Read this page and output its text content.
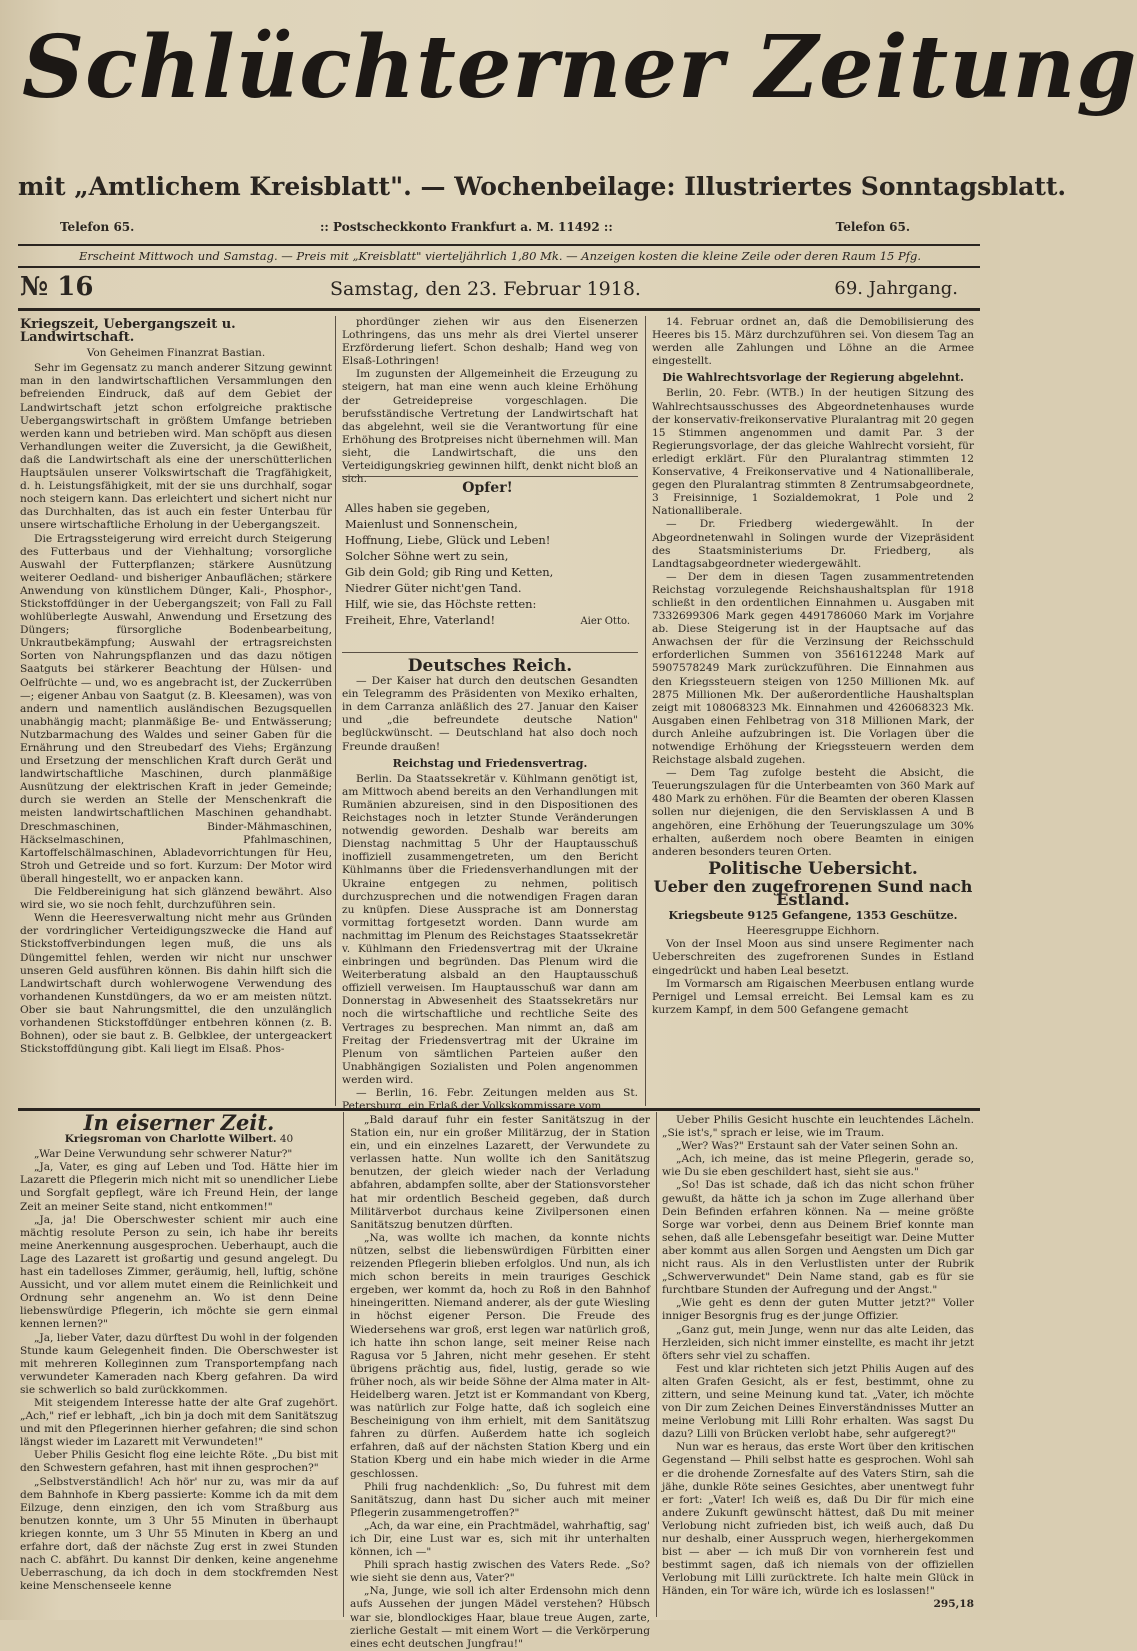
Schlüchterner Zeitung
mit „Amtlichem Kreisblatt". — Wochenbeilage: Illustriertes Sonntagsblatt.
Telefon 65.	:: Postscheckkonto Frankfurt a. M. 11492 ::	Telefon 65.
Erscheint Mittwoch und Samstag. — Preis mit „Kreisblatt" vierteljährlich 1,80 Mk. — Anzeigen kosten die kleine Zeile oder deren Raum 15 Pfg.
№ 16	Samstag, den 23. Februar 1918.	69. Jahrgang.
Kriegszeit, Uebergangszeit u. Landwirtschaft.
Von Geheimen Finanzrat Bastian.

Sehr im Gegensatz zu manch anderer Sitzung gewinnt man in den landwirtschaftlichen Versammlungen den befreienden Eindruck, daß auf dem Gebiet der Landwirtschaft jetzt schon erfolgreiche praktische Uebergangswirtschaft in größtem Umfange betrieben werden kann und betrieben wird. Man schöpft aus diesen Verhandlungen weiter die Zuversicht, ja die Gewißheit, daß die Landwirtschaft als eine der unerschütterlichen Hauptsäulen unserer Volkswirtschaft die Tragfähigkeit, d. h. Leistungsfähigkeit, mit der sie uns durchhalf, sogar noch steigern kann. Das erleichtert und sichert nicht nur das Durchhalten, das ist auch ein fester Unterbau für unsere wirtschaftliche Erholung in der Uebergangszeit.

Die Ertragssteigerung wird erreicht durch Steigerung des Futterbaus und der Viehhaltung; vorsorgliche Auswahl der Futterpflanzen; stärkere Ausnützung weiterer Oedland- und bisheriger Anbauflächen; stärkere Anwendung von künstlichem Dünger, Kali-, Phosphor-, Stickstoffdünger in der Uebergangszeit; von Fall zu Fall wohlüberlegte Auswahl, Anwendung und Ersetzung des Düngers; fürsorgliche Bodenbearbeitung, Unkrautbekämpfung; Auswahl der ertragsreichsten Sorten von Nahrungspflanzen und das dazu nötigen Saatguts bei stärkerer Beachtung der Hülsen- und Oelfrüchte — und, wo es angebracht ist, der Zuckerrüben —; eigener Anbau von Saatgut (z. B. Kleesamen), was von andern und namentlich ausländischen Bezugsquellen unabhängig macht; planmäßige Be- und Entwässerung; Nutzbarmachung des Waldes und seiner Gaben für die Ernährung und den Streubedarf des Viehs; Ergänzung und Ersetzung der menschlichen Kraft durch Gerät und landwirtschaftliche Maschinen, durch planmäßige Ausnützung der elektrischen Kraft in jeder Gemeinde; durch sie werden an Stelle der Menschenkraft die meisten landwirtschaftlichen Maschinen gehandhabt. Dreschmaschinen, Binder-Mähmaschinen, Häckselmaschinen, Pfahlmaschinen, Kartoffelschälmaschinen, Abladevorrichtungen für Heu, Stroh und Getreide und so fort. Kurzum: Der Motor wird überall hingestellt, wo er anpacken kann.

Die Feldbereinigung hat sich glänzend bewährt. Also wird sie, wo sie noch fehlt, durchzuführen sein.

Wenn die Heeresverwaltung nicht mehr aus Gründen der vordringlicher Verteidigungszwecke die Hand auf Stickstoffverbindungen legen muß, die uns als Düngemittel fehlen, werden wir nicht nur unschwer unseren Geld ausführen können. Bis dahin hilft sich die Landwirtschaft durch wohlerwogene Verwendung des vorhandenen Kunstdüngers, da wo er am meisten nützt. Ober sie baut Nahrungsmittel, die den unzulänglich vorhandenen Stickstoffdünger entbehren können (z. B. Bohnen), oder sie baut z. B. Gelbklee, der untergeackert Stickstoffdüngung gibt. Kali liegt im Elsaß. Phos-

phordünger ziehen wir aus den Eisenerzen Lothringens, das uns mehr als drei Viertel unserer Erzförderung liefert. Schon deshalb; Hand weg von Elsaß-Lothringen!

Im zugunsten der Allgemeinheit die Erzeugung zu steigern, hat man eine wenn auch kleine Erhöhung der Getreidepreise vorgeschlagen. Die berufsständische Vertretung der Landwirtschaft hat das abgelehnt, weil sie die Verantwortung für eine Erhöhung des Brotpreises nicht übernehmen will. Man sieht, die Landwirtschaft, die uns den Verteidigungskrieg gewinnen hilft, denkt nicht bloß an sich.

Opfer!
Alles haben sie gegeben,
Maienlust und Sonnenschein,
Hoffnung, Liebe, Glück und Leben!
Solcher Söhne wert zu sein,
Gib dein Gold; gib Ring und Ketten,
Niedrer Güter nicht'gen Tand.
Hilf, wie sie, das Höchste retten:
Freiheit, Ehre, Vaterland!	Aier Otto.
Deutsches Reich.

— Der Kaiser hat durch den deutschen Gesandten ein Telegramm des Präsidenten von Mexiko erhalten, in dem Carranza anläßlich des 27. Januar den Kaiser und „die befreundete deutsche Nation" beglückwünscht. — Deutschland hat also doch noch Freunde draußen!

Reichstag und Friedensvertrag.

Berlin. Da Staatssekretär v. Kühlmann genötigt ist, am Mittwoch abend bereits an den Verhandlungen mit Rumänien abzureisen, sind in den Dispositionen des Reichstages noch in letzter Stunde Veränderungen notwendig geworden. Deshalb war bereits am Dienstag nachmittag 5 Uhr der Hauptausschuß inoffiziell zusammengetreten, um den Bericht Kühlmanns über die Friedensverhandlungen mit der Ukraine entgegen zu nehmen, politisch durchzusprechen und die notwendigen Fragen daran zu knüpfen. Diese Aussprache ist am Donnerstag vormittag fortgesetzt worden. Dann wurde am nachmittag im Plenum des Reichstages Staatssekretär v. Kühlmann den Friedensvertrag mit der Ukraine einbringen und begründen. Das Plenum wird die Weiterberatung alsbald an den Hauptausschuß offiziell verweisen. Im Hauptausschuß war dann am Donnerstag in Abwesenheit des Staatssekretärs nur noch die wirtschaftliche und rechtliche Seite des Vertrages zu besprechen. Man nimmt an, daß am Freitag der Friedensvertrag mit der Ukraine im Plenum von sämtlichen Parteien außer den Unabhängigen Sozialisten und Polen angenommen werden wird.

— Berlin, 16. Febr. Zeitungen melden aus St. Petersburg, ein Erlaß der Volkskommissare vom

14. Februar ordnet an, daß die Demobilisierung des Heeres bis 15. März durchzuführen sei. Von diesem Tag an werden alle Zahlungen und Löhne an die Armee eingestellt.

Die Wahlrechtsvorlage der Regierung abgelehnt.

Berlin, 20. Febr. (WTB.) In der heutigen Sitzung des Wahlrechtsausschusses des Abgeordnetenhauses wurde der konservativ-freikonservative Pluralantrag mit 20 gegen 15 Stimmen angenommen und damit Par. 3 der Regierungsvorlage, der das gleiche Wahlrecht vorsieht, für erledigt erklärt. Für den Pluralantrag stimmten 12 Konservative, 4 Freikonservative und 4 Nationalliberale, gegen den Pluralantrag stimmten 8 Zentrumsabgeordnete, 3 Freisinnige, 1 Sozialdemokrat, 1 Pole und 2 Nationalliberale.

— Dr. Friedberg wiedergewählt. In der Abgeordnetenwahl in Solingen wurde der Vizepräsident des Staatsministeriums Dr. Friedberg, als Landtagsabgeordneter wiedergewählt.

— Der dem in diesen Tagen zusammentretenden Reichstag vorzulegende Reichshaushaltsplan für 1918 schließt in den ordentlichen Einnahmen u. Ausgaben mit 7332699306 Mark gegen 4491786060 Mark im Vorjahre ab. Diese Steigerung ist in der Hauptsache auf das Anwachsen der für die Verzinsung der Reichsschuld erforderlichen Summen von 3561612248 Mark auf 5907578249 Mark zurückzuführen. Die Einnahmen aus den Kriegssteuern steigen von 1250 Millionen Mk. auf 2875 Millionen Mk. Der außerordentliche Haushaltsplan zeigt mit 108068323 Mk. Einnahmen und 426068323 Mk. Ausgaben einen Fehlbetrag von 318 Millionen Mark, der durch Anleihe aufzubringen ist. Die Vorlagen über die notwendige Erhöhung der Kriegssteuern werden dem Reichstage alsbald zugehen.

— Dem Tag zufolge besteht die Absicht, die Teuerungszulagen für die Unterbeamten von 360 Mark auf 480 Mark zu erhöhen. Für die Beamten der oberen Klassen sollen nur diejenigen, die den Servisklassen A und B angehören, eine Erhöhung der Teuerungszulage um 30% erhalten, außerdem noch obere Beamten in einigen anderen besonders teuren Orten.

Politische Uebersicht.
Ueber den zugefrorenen Sund nach Estland.
Kriegsbeute 9125 Gefangene, 1353 Geschütze.
Heeresgruppe Eichhorn.

Von der Insel Moon aus sind unsere Regimenter nach Ueberschreiten des zugefrorenen Sundes in Estland eingedrückt und haben Leal besetzt.

Im Vormarsch am Rigaischen Meerbusen entlang wurde Pernigel und Lemsal erreicht. Bei Lemsal kam es zu kurzem Kampf, in dem 500 Gefangene gemacht

In eiserner Zeit.
Kriegsroman von Charlotte Wilbert. 40

„War Deine Verwundung sehr schwerer Natur?"

„Ja, Vater, es ging auf Leben und Tod. Hätte hier im Lazarett die Pflegerin mich nicht mit so unendlicher Liebe und Sorgfalt gepflegt, wäre ich Freund Hein, der lange Zeit an meiner Seite stand, nicht entkommen!"

„Ja, ja! Die Oberschwester schient mir auch eine mächtig resolute Person zu sein, ich habe ihr bereits meine Anerkennung ausgesprochen. Ueberhaupt, auch die Lage des Lazarett ist großartig und gesund angelegt. Du hast ein tadelloses Zimmer, geräumig, hell, luftig, schöne Aussicht, und vor allem mutet einem die Reinlichkeit und Ordnung sehr angenehm an. Wo ist denn Deine liebenswürdige Pflegerin, ich möchte sie gern einmal kennen lernen?"

„Ja, lieber Vater, dazu dürftest Du wohl in der folgenden Stunde kaum Gelegenheit finden. Die Oberschwester ist mit mehreren Kolleginnen zum Transportempfang nach verwundeter Kameraden nach Kberg gefahren. Da wird sie schwerlich so bald zurückkommen.

Mit steigendem Interesse hatte der alte Graf zugehört. „Ach," rief er lebhaft, „ich bin ja doch mit dem Sanitätszug und mit den Pflegerinnen hierher gefahren; die sind schon längst wieder im Lazarett mit Verwundeten!"

Ueber Philis Gesicht flog eine leichte Röte. „Du bist mit den Schwestern gefahren, hast mit ihnen gesprochen?"

„Selbstverständlich! Ach hör' nur zu, was mir da auf dem Bahnhofe in Kberg passierte: Komme ich da mit dem Eilzuge, denn einzigen, den ich vom Straßburg aus benutzen konnte, um 3 Uhr 55 Minuten in überhaupt kriegen konnte, um 3 Uhr 55 Minuten in Kberg an und erfahre dort, daß der nächste Zug erst in zwei Stunden nach C. abfährt. Du kannst Dir denken, keine angenehme Ueberraschung, da ich doch in dem stockfremden Nest keine Menschenseele kenne

„Bald darauf fuhr ein fester Sanitätszug in der Station ein, nur ein großer Militärzug, der in Station ein, und ein einzelnes Lazarett, der Verwundete zu verlassen hatte. Nun wollte ich den Sanitätszug benutzen, der gleich wieder nach der Verladung abfahren, abdampfen sollte, aber der Stationsvorsteher hat mir ordentlich Bescheid gegeben, daß durch Militärverbot durchaus keine Zivilpersonen einen Sanitätszug benutzen dürften.

„Na, was wollte ich machen, da konnte nichts nützen, selbst die liebenswürdigen Fürbitten einer reizenden Pflegerin blieben erfolglos. Und nun, als ich mich schon bereits in mein trauriges Geschick ergeben, wer kommt da, hoch zu Roß in den Bahnhof hineingeritten. Niemand anderer, als der gute Wiesling in höchst eigener Person. Die Freude des Wiedersehens war groß, erst legen war natürlich groß, ich hatte ihn schon lange, seit meiner Reise nach Ragusa vor 5 Jahren, nicht mehr gesehen. Er steht übrigens prächtig aus, fidel, lustig, gerade so wie früher noch, als wir beide Söhne der Alma mater in Alt-Heidelberg waren. Jetzt ist er Kommandant von Kberg, was natürlich zur Folge hatte, daß ich sogleich eine Bescheinigung von ihm erhielt, mit dem Sanitätszug fahren zu dürfen. Außerdem hatte ich sogleich erfahren, daß auf der nächsten Station Kberg und ein Station Kberg und ein habe mich wieder in die Arme geschlossen.

Phili frug nachdenklich: „So, Du fuhrest mit dem Sanitätszug, dann hast Du sicher auch mit meiner Pflegerin zusammengetroffen?"

„Ach, da war eine, ein Prachtmädel, wahrhaftig, sag' ich Dir, eine Lust war es, sich mit ihr unterhalten können, ich —"

Phili sprach hastig zwischen des Vaters Rede. „So? wie sieht sie denn aus, Vater?"

„Na, Junge, wie soll ich alter Erdensohn mich denn aufs Aussehen der jungen Mädel verstehen? Hübsch war sie, blondlockiges Haar, blaue treue Augen, zarte, zierliche Gestalt — mit einem Wort — die Verkörperung eines echt deutschen Jungfrau!"

Ueber Philis Gesicht huschte ein leuchtendes Lächeln. „Sie ist's," sprach er leise, wie im Traum.

„Wer? Was?" Erstaunt sah der Vater seinen Sohn an.

„Ach, ich meine, das ist meine Pflegerin, gerade so, wie Du sie eben geschildert hast, sieht sie aus."

„So! Das ist schade, daß ich das nicht schon früher gewußt, da hätte ich ja schon im Zuge allerhand über Dein Befinden erfahren können. Na — meine größte Sorge war vorbei, denn aus Deinem Brief konnte man sehen, daß alle Lebensgefahr beseitigt war. Deine Mutter aber kommt aus allen Sorgen und Aengsten um Dich gar nicht raus. Als in den Verlustlisten unter der Rubrik „Schwerverwundet" Dein Name stand, gab es für sie furchtbare Stunden der Aufregung und der Angst."

„Wie geht es denn der guten Mutter jetzt?" Voller inniger Besorgnis frug es der junge Offizier.

„Ganz gut, mein Junge, wenn nur das alte Leiden, das Herzleiden, sich nicht immer einstellte, es macht ihr jetzt öfters sehr viel zu schaffen.

Fest und klar richteten sich jetzt Philis Augen auf des alten Grafen Gesicht, als er fest, bestimmt, ohne zu zittern, und seine Meinung kund tat. „Vater, ich möchte von Dir zum Zeichen Deines Einverständnisses Mutter an meine Verlobung mit Lilli Rohr erhalten. Was sagst Du dazu? Lilli von Brücken verlobt habe, sehr aufgeregt?"

Nun war es heraus, das erste Wort über den kritischen Gegenstand — Phili selbst hatte es gesprochen. Wohl sah er die drohende Zornesfalte auf des Vaters Stirn, sah die jähe, dunkle Röte seines Gesichtes, aber unentwegt fuhr er fort: „Vater! Ich weiß es, daß Du Dir für mich eine andere Zukunft gewünscht hättest, daß Du mit meiner Verlobung nicht zufrieden bist, ich weiß auch, daß Du nur deshalb, einer Ausspruch wegen, hierhergekommen bist — aber — ich muß Dir von vornherein fest und bestimmt sagen, daß ich niemals von der offiziellen Verlobung mit Lilli zurücktrete. Ich halte mein Glück in Händen, ein Tor wäre ich, würde ich es loslassen!"

295,18
